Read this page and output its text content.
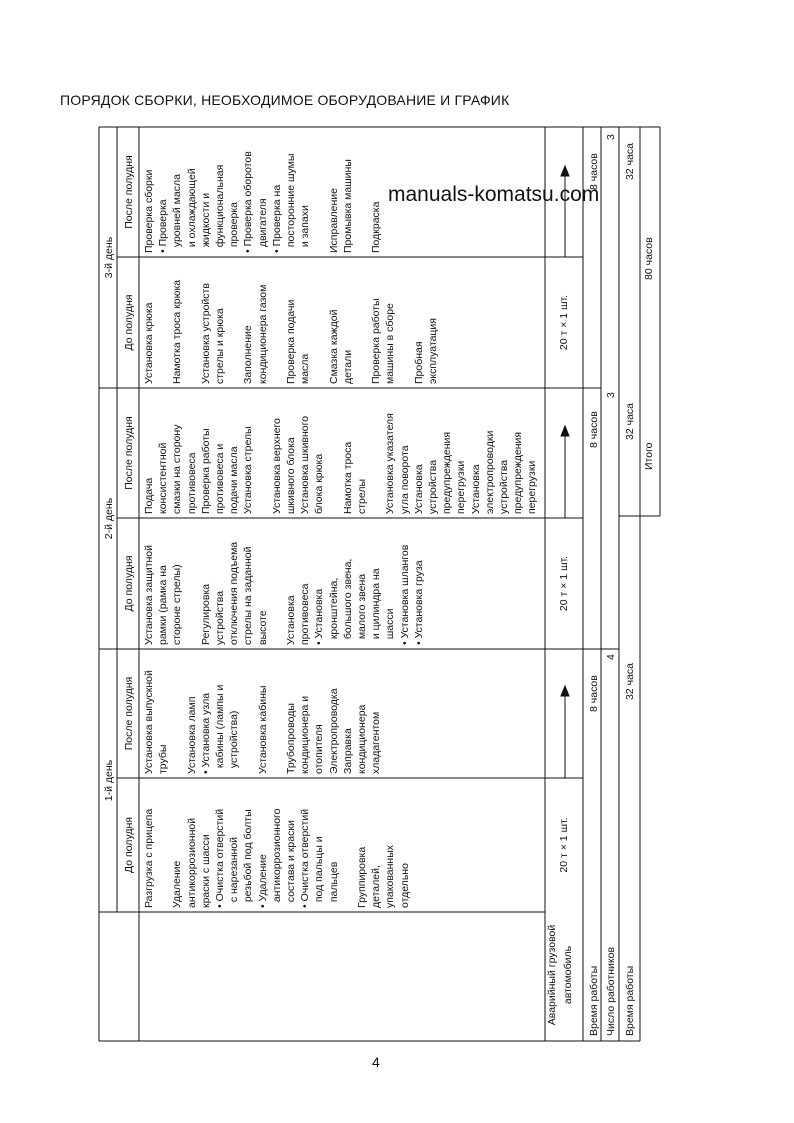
ПОРЯДОК СБОРКИ, НЕОБХОДИМОЕ ОБОРУДОВАНИЕ И ГРАФИК
manuals-komatsu.com
4
Аварийный грузовой автомобиль Время работы Число работников Время работы
1-й день
До полудня
После полудня
Разгрузка с прицепа Удаление антикоррозионной краски с шасси • Очистка отверстий с нарезанной резьбой под болты • Удаление антикоррозионного состава и краски • Очистка отверстий под пальцы и пальцев Группировка деталей, упакованных отдельно
Установка выпускной трубы Установка ламп • Установка узла кабины (лампы и устройства) Установка кабины Трубопроводы кондиционера и отопителя Электропроводка Заправка кондиционера хладагентом
20 т × 1 шт.
8 часов
4
32 часа
2-й день
До полудня
После полудня
Установка защитной рамки (рамка на стороне стрелы) Регулировка устройства отключения подъема стрелы на заданной высоте Установка противовеса • Установка кронштейна, большого звена, малого звена и цилиндра на шасси • Установка шлангов • Установка груза
Подача консистентной смазки на сторону противовеса Проверка работы противовеса и подачи масла Установка стрелы Установка верхнего шкивного блока Установка шкивного блока крюка Намотка троса стрелы Установка указателя угла поворота Установка устройства предупреждения перегрузки Установка электропроводки устройства предупреждения перегрузки
20 т × 1 шт.
8 часов
3
32 часа
3-й день
До полудня
После полудня
Установка крюка Намотка троса крюка Установка устройств стрелы и крюка Заполнение кондиционера газом Проверка подачи масла Смазка каждой детали Проверка работы машины в сборе Пробная эксплуатация
Проверка сборки • Проверка уровней масла и охлаждающей жидкости и функциональная проверка • Проверка оборотов двигателя • Проверка на посторонние шумы и запахи Исправление Промывка машины Подкраска
20 т × 1 шт.
8 часов
3
32 часа
Итого
80 часов
